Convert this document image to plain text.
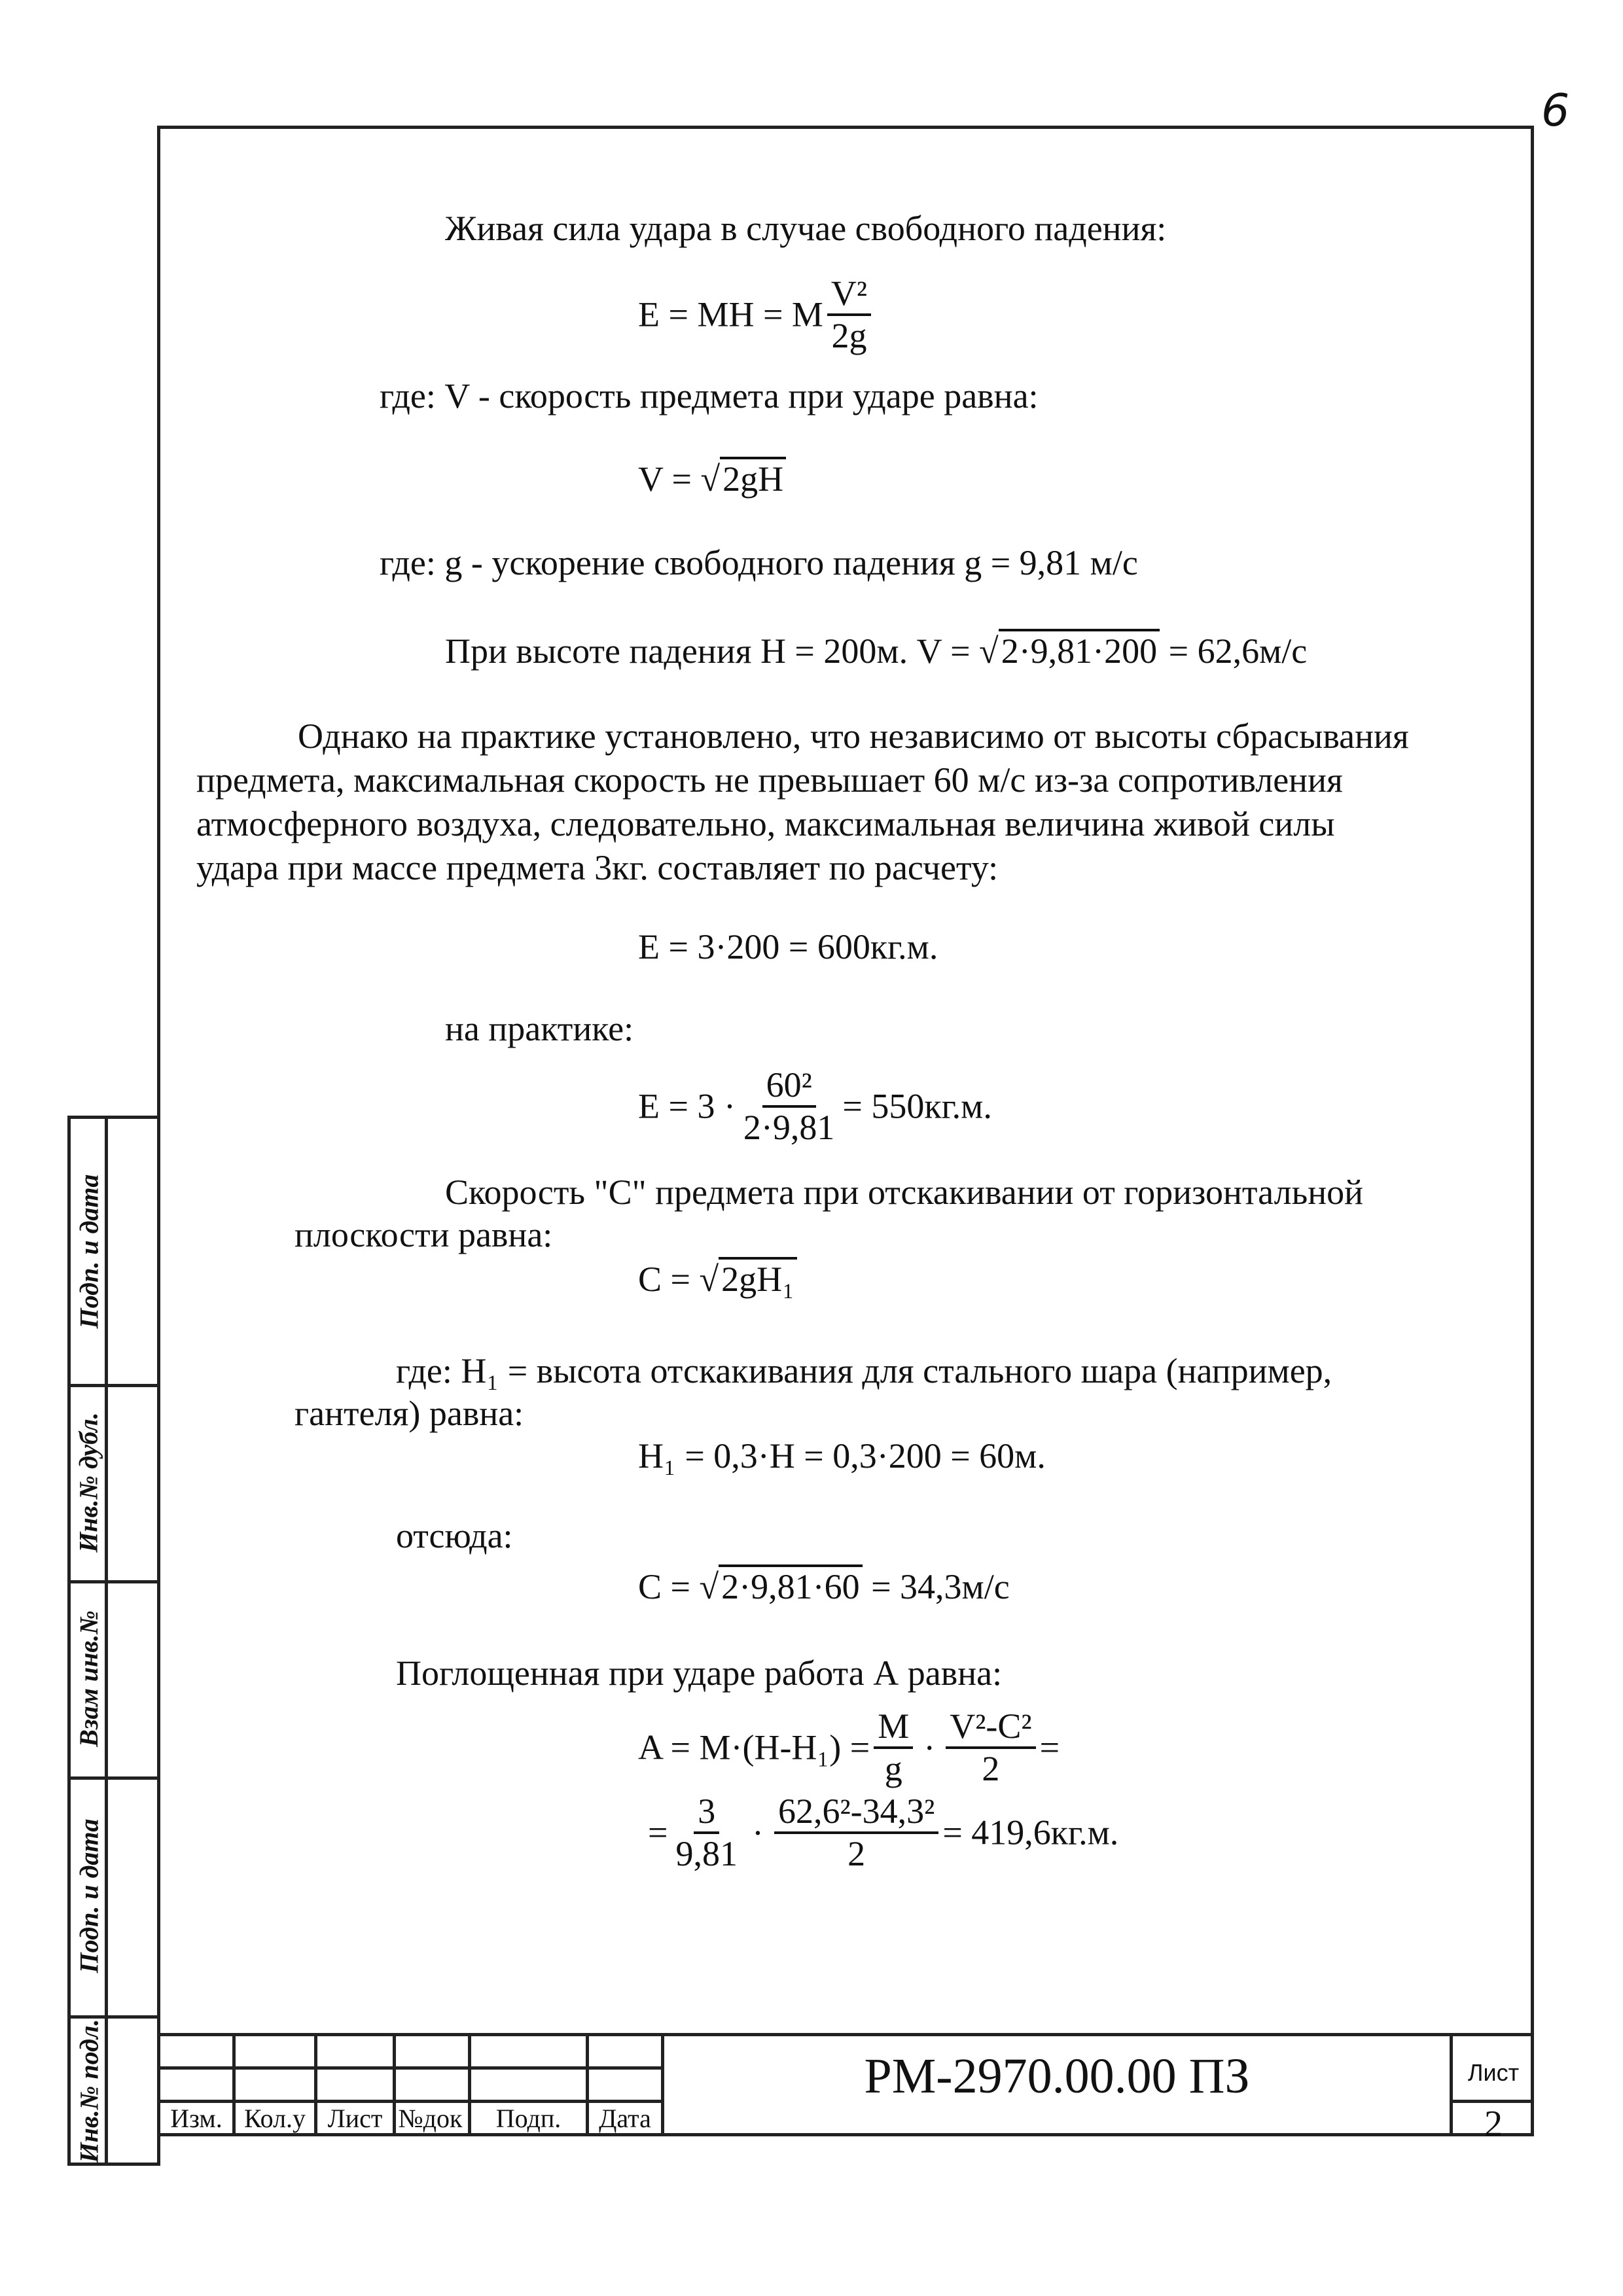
6
Подп. и дата
Инв.№ дубл.
Взам инв.№
Подп. и дата
Инв.№ подл.
Живая сила удара в случае свободного падения:
E = MH = M $\frac{\text{V²}}{2g}$
где: V - скорость предмета при ударе равна:
V = √2gH
где: g - ускорение свободного падения g = 9,81 м/с
При высоте падения H = 200м. V = √2·9,81·200 = 62,6м/с
Однако на практике установлено, что независимо от высоты сбрасывания
предмета, максимальная скорость не превышает 60 м/с из-за сопротивления
атмосферного воздуха, следовательно, максимальная величина живой силы
удара при массе предмета 3кг. составляет по расчету:
E = 3·200 = 600кг.м.
на практике:
$E = 3 \cdot \frac{\text{60²}}{2\cdot 9,81} = 550кг.м$.
Скорость "С" предмета при отскакивании от горизонтальной
плоскости равна:
C = √2gH₁
где: H₁ = высота отскакивания для стального шара (например,
гантеля) равна:
H₁ = 0,3·H = 0,3·200 = 60м.
отсюда:
C = √2·9,81·60 = 34,3м/с
Поглощенная при ударе работа А равна:
$A = M\cdot(H-H_1) = \frac{M}{g} \cdot \frac{\text{V²-C²}}{2}$ =
= $\frac{3}{9,81} \cdot \frac{\text{62,6²-34,3²}}{2} = 419,6кг.м$.
Изм. Кол.у Лист №док	Подп.	Дата
РМ-2970.00.00 ПЗ	Лист
2
